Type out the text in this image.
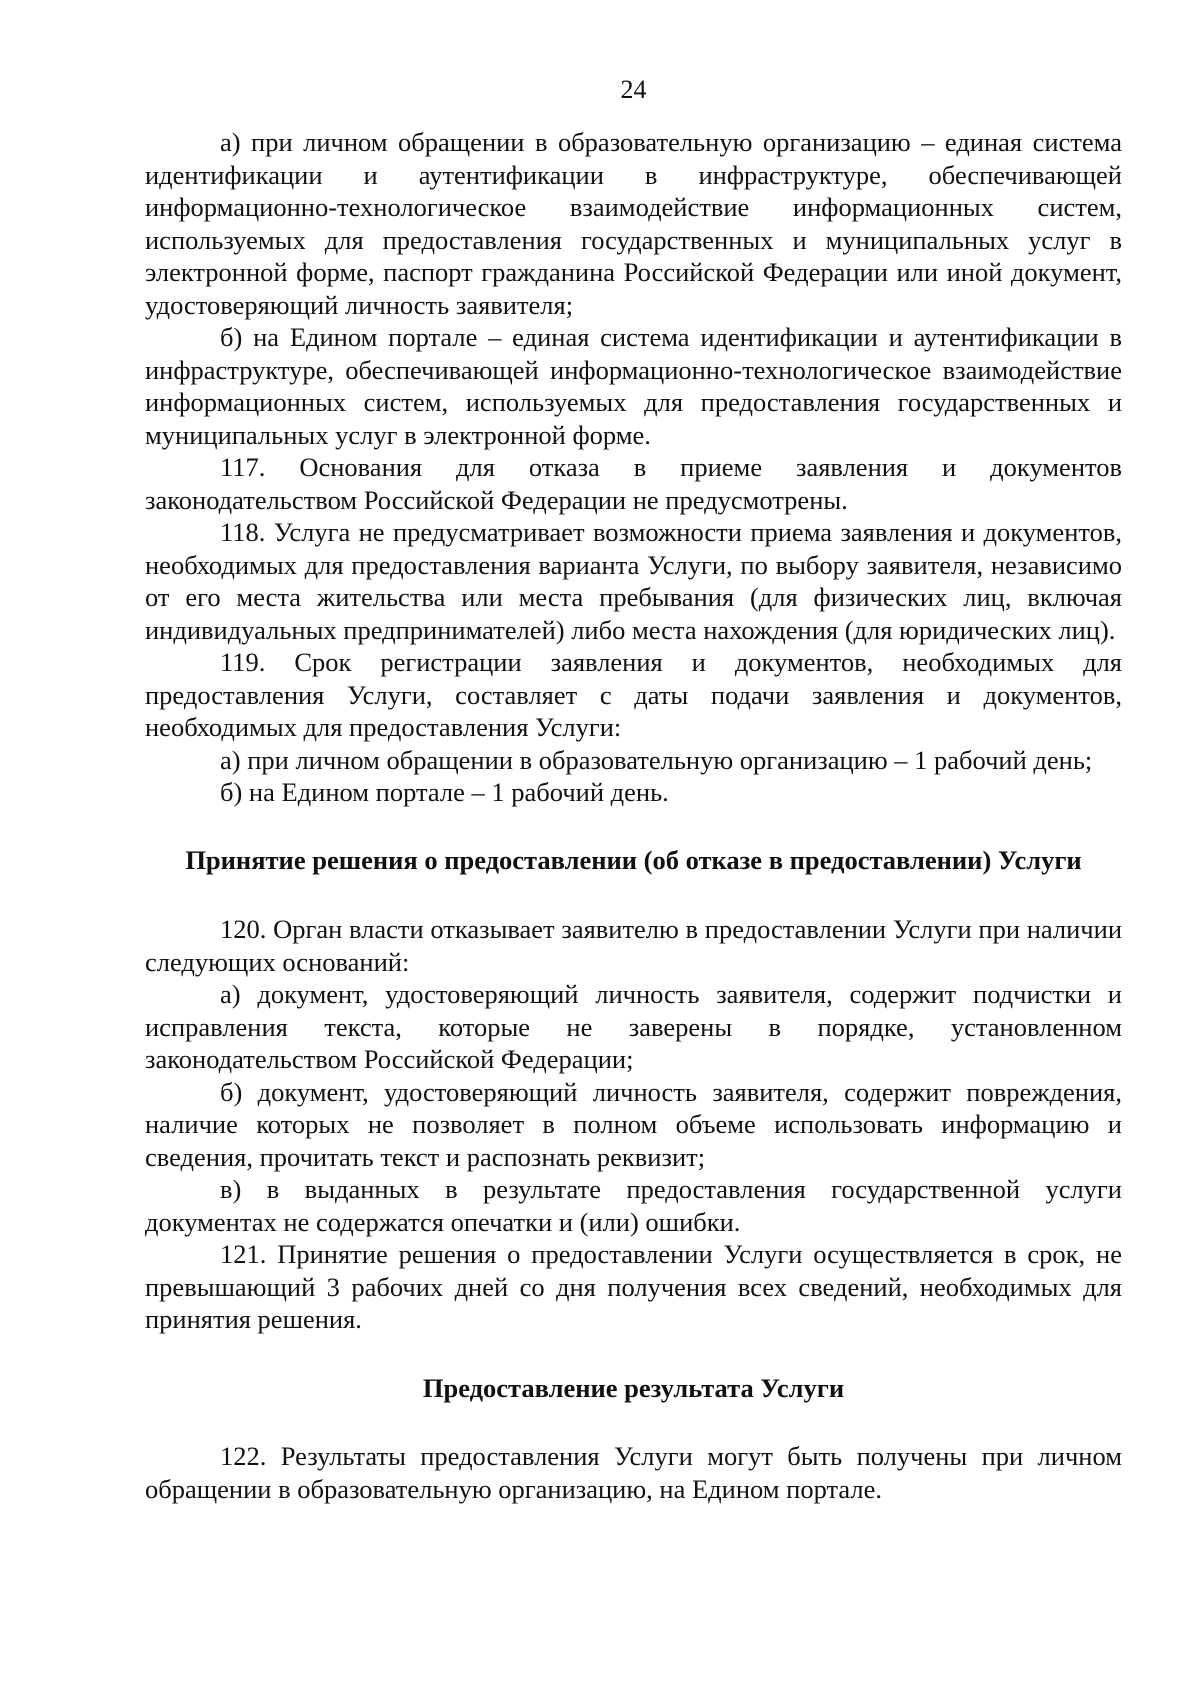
24

а) при личном обращении в образовательную организацию – единая система идентификации и аутентификации в инфраструктуре, обеспечивающей информационно-технологическое взаимодействие информационных систем, используемых для предоставления государственных и муниципальных услуг в электронной форме, паспорт гражданина Российской Федерации или иной документ, удостоверяющий личность заявителя;

б) на Едином портале – единая система идентификации и аутентификации в инфраструктуре, обеспечивающей информационно-технологическое взаимодействие информационных систем, используемых для предоставления государственных и муниципальных услуг в электронной форме.

117. Основания для отказа в приеме заявления и документов законодательством Российской Федерации не предусмотрены.

118. Услуга не предусматривает возможности приема заявления и документов, необходимых для предоставления варианта Услуги, по выбору заявителя, независимо от его места жительства или места пребывания (для физических лиц, включая индивидуальных предпринимателей) либо места нахождения (для юридических лиц).

119. Срок регистрации заявления и документов, необходимых для предоставления Услуги, составляет с даты подачи заявления и документов, необходимых для предоставления Услуги:

а) при личном обращении в образовательную организацию – 1 рабочий день;

б) на Едином портале – 1 рабочий день.

Принятие решения о предоставлении (об отказе в предоставлении) Услуги

120. Орган власти отказывает заявителю в предоставлении Услуги при наличии следующих оснований:

а) документ, удостоверяющий личность заявителя, содержит подчистки и исправления текста, которые не заверены в порядке, установленном законодательством Российской Федерации;

б) документ, удостоверяющий личность заявителя, содержит повреждения, наличие которых не позволяет в полном объеме использовать информацию и сведения, прочитать текст и распознать реквизит;

в) в выданных в результате предоставления государственной услуги документах не содержатся опечатки и (или) ошибки.

121. Принятие решения о предоставлении Услуги осуществляется в срок, не превышающий 3 рабочих дней со дня получения всех сведений, необходимых для принятия решения.

Предоставление результата Услуги

122. Результаты предоставления Услуги могут быть получены при личном обращении в образовательную организацию, на Едином портале.
